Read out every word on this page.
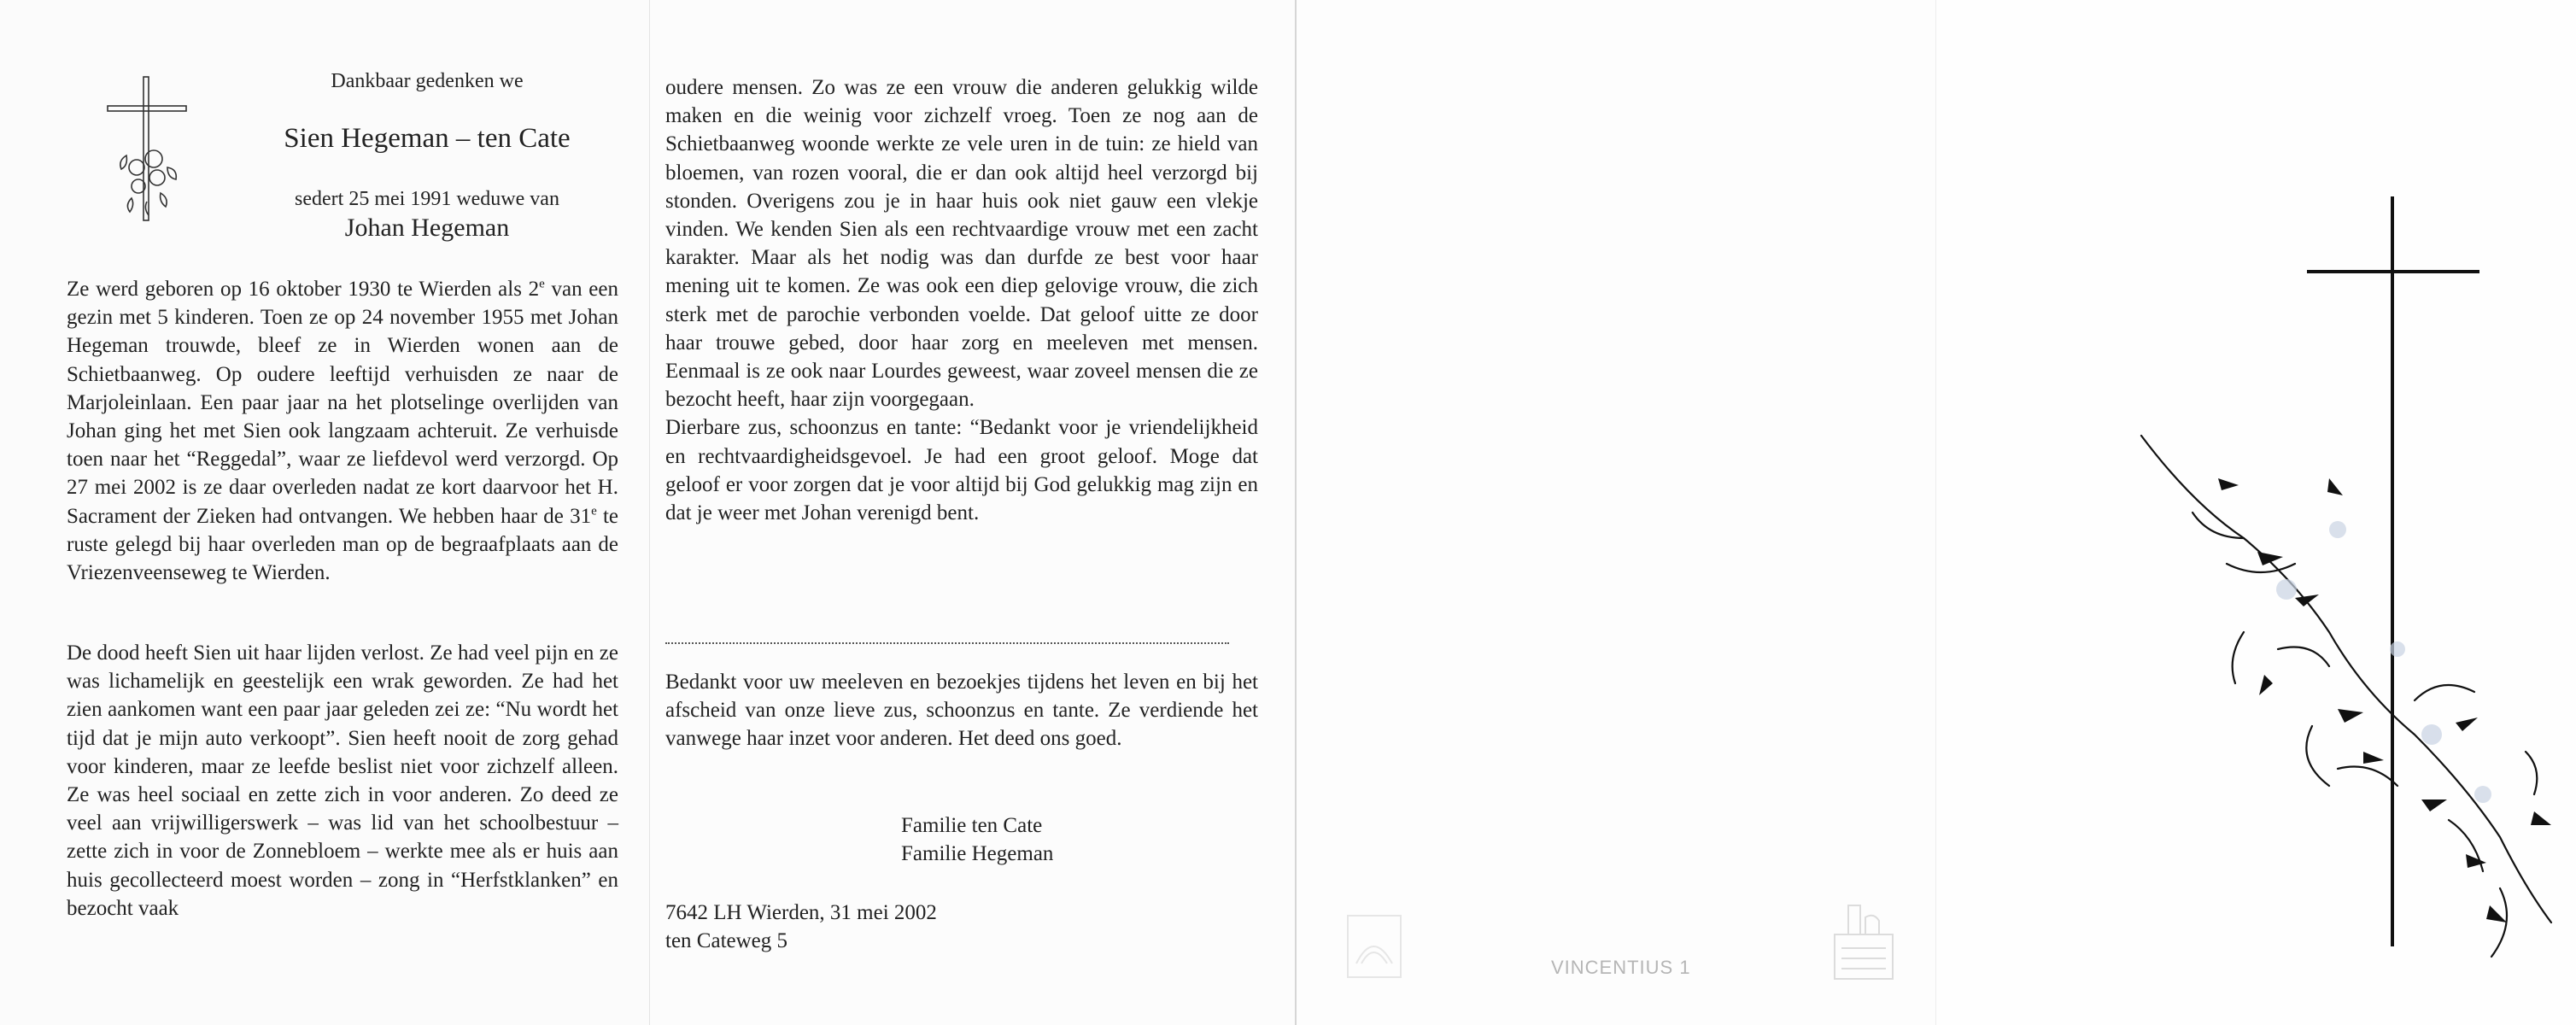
Dankbaar gedenken we
Sien Hegeman – ten Cate
sedert 25 mei 1991 weduwe van
Johan Hegeman

Ze werd geboren op 16 oktober 1930 te Wierden als 2e van een gezin met 5 kinderen. Toen ze op 24 november 1955 met Johan Hegeman trouwde, bleef ze in Wierden wonen aan de Schietbaanweg. Op oudere leeftijd verhuisden ze naar de Marjoleinlaan. Een paar jaar na het plotselinge overlijden van Johan ging het met Sien ook langzaam achteruit. Ze verhuisde toen naar het “Reggedal”, waar ze liefdevol werd verzorgd. Op 27 mei 2002 is ze daar overleden nadat ze kort daarvoor het H. Sacrament der Zieken had ontvangen. We hebben haar de 31e te ruste gelegd bij haar overleden man op de begraafplaats aan de Vriezenveenseweg te Wierden.

De dood heeft Sien uit haar lijden verlost. Ze had veel pijn en ze was lichamelijk en geestelijk een wrak geworden. Ze had het zien aankomen want een paar jaar geleden zei ze: “Nu wordt het tijd dat je mijn auto verkoopt”. Sien heeft nooit de zorg gehad voor kinderen, maar ze leefde beslist niet voor zichzelf alleen. Ze was heel sociaal en zette zich in voor anderen. Zo deed ze veel aan vrijwilligerswerk – was lid van het schoolbestuur – zette zich in voor de Zonnebloem – werkte mee als er huis aan huis gecollecteerd moest worden – zong in “Herfstklanken” en bezocht vaak

oudere mensen. Zo was ze een vrouw die anderen gelukkig wilde maken en die weinig voor zichzelf vroeg. Toen ze nog aan de Schietbaanweg woonde werkte ze vele uren in de tuin: ze hield van bloemen, van rozen vooral, die er dan ook altijd heel verzorgd bij stonden. Overigens zou je in haar huis ook niet gauw een vlekje vinden. We kenden Sien als een rechtvaardige vrouw met een zacht karakter. Maar als het nodig was dan durfde ze best voor haar mening uit te komen. Ze was ook een diep gelovige vrouw, die zich sterk met de parochie verbonden voelde. Dat geloof uitte ze door haar trouwe gebed, door haar zorg en meeleven met mensen. Eenmaal is ze ook naar Lourdes geweest, waar zoveel mensen die ze bezocht heeft, haar zijn voorgegaan.

Dierbare zus, schoonzus en tante: “Bedankt voor je vriendelijkheid en rechtvaardigheidsgevoel. Je had een groot geloof. Moge dat geloof er voor zorgen dat je voor altijd bij God gelukkig mag zijn en dat je weer met Johan verenigd bent.

Bedankt voor uw meeleven en bezoekjes tijdens het leven en bij het afscheid van onze lieve zus, schoonzus en tante. Ze verdiende het vanwege haar inzet voor anderen. Het deed ons goed.

Familie ten Cate
Familie Hegeman
7642 LH Wierden, 31 mei 2002
ten Cateweg 5
VINCENTIUS 1
